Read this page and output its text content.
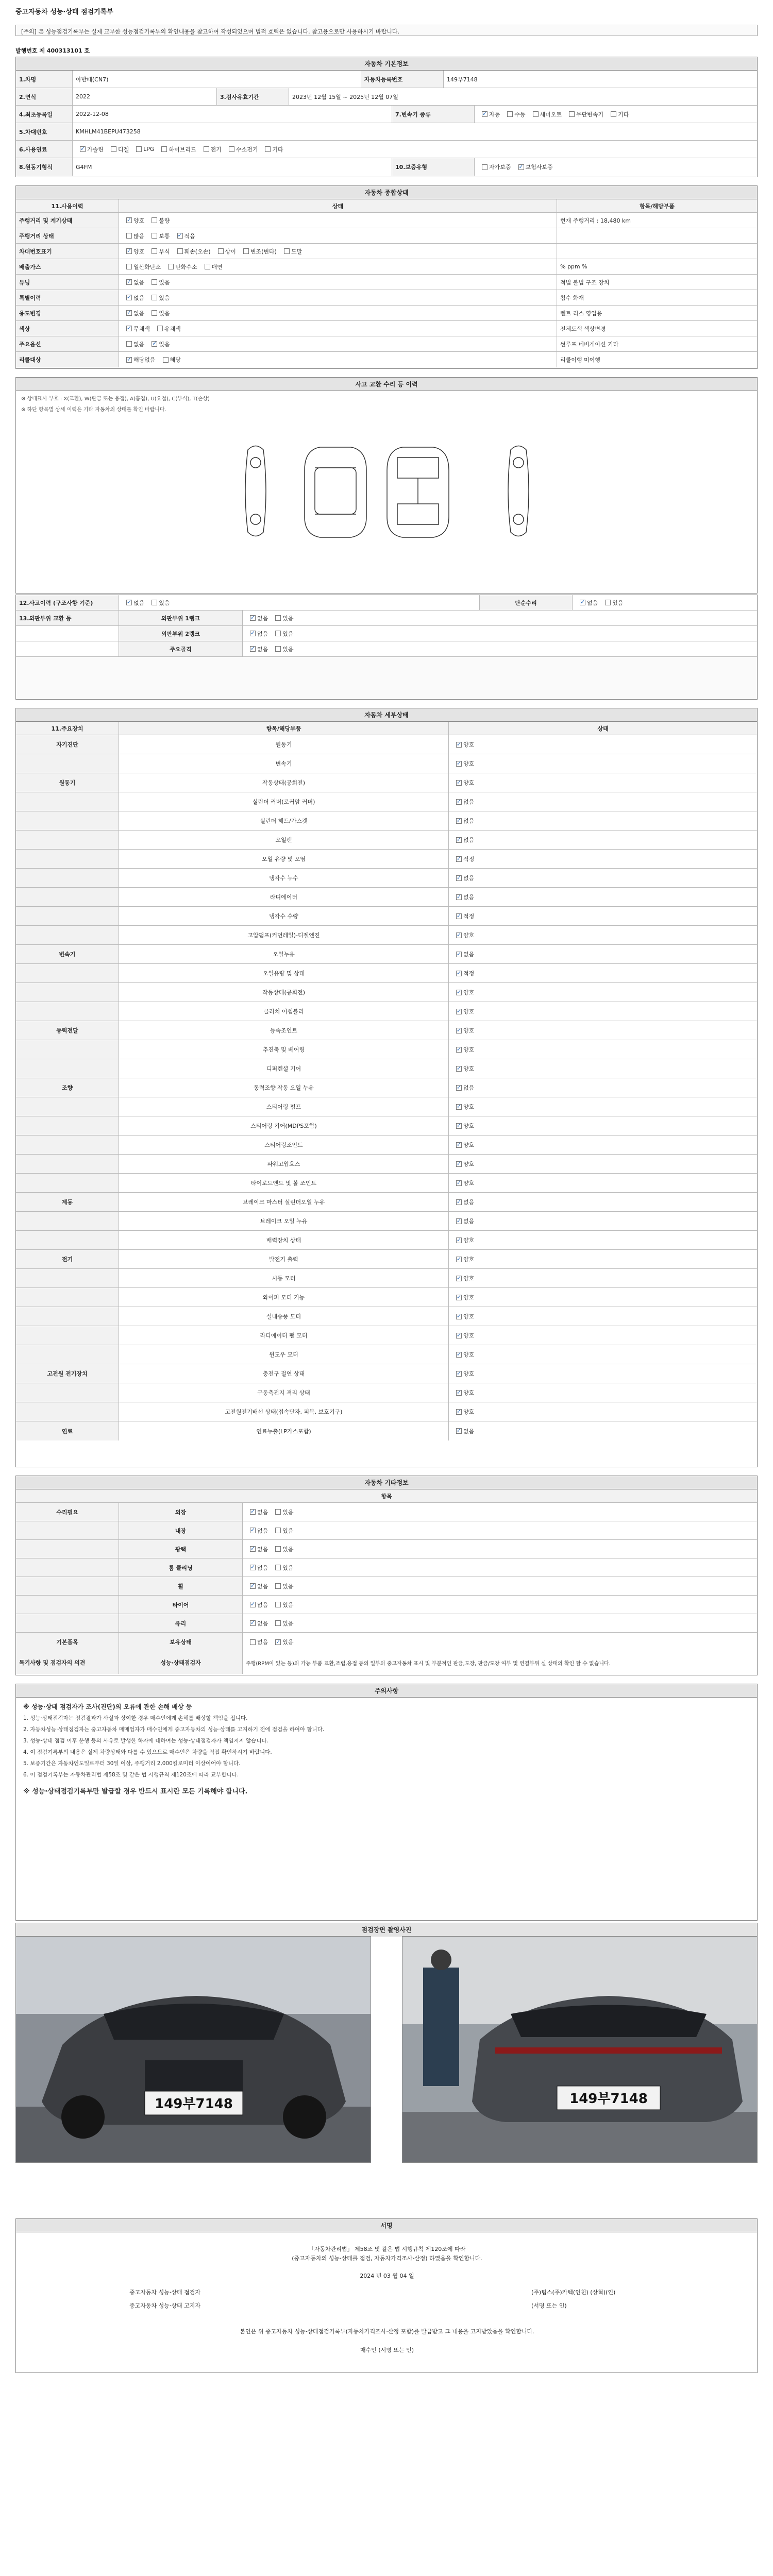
중고자동차 성능·상태 점검기록부
[주의] 본 성능점검기록부는 실제 교부한 성능점검기록부의 확인내용을 참고하여 작성되었으며 법적 효력은 없습니다. 참고용으로만 사용하시기 바랍니다.
발행번호 제 400313101 호
자동차 기본정보
1.차명	아반떼(CN7)	자동차등록번호	149부7148
2.연식	2022	3.검사유효기간	2023년 12월 15일 ~ 2025년 12월 07일
4.최초등록일	2022-12-08	7.변속기 종류 ✓	자동	수동	세미오토	무단변속기	기타
5.차대번호	KMHLM41BEPU473258
6.사용연료 ✓	가솔린	디젤	LPG	하이브리드	전기	수소전기	기타
8.원동기형식	G4FM	10.보증유형	자가보증 ✓	보험사보증
자동차 종합상태
11.사용이력	상태	항목/해당부품
주행거리 및 계기상태 ✓	양호	불량	현재 주행거리 : 18,480 km
주행거리 상태	많음	보통 ✓	적음
차대번호표기 ✓	양호	부식	훼손(오손)	상이	변조(변타)	도말
배출가스	일산화탄소	탄화수소	매연	% ppm %
튜닝 ✓	없음	있음	적법 불법 구조 장치
특별이력 ✓	없음	있음	침수 화재
용도변경 ✓	없음	있음	렌트 리스 영업용
색상 ✓	무채색	유채색	전체도색 색상변경
주요옵션	없음 ✓	있음	썬루프 네비게이션 기타
리콜대상 ✓	해당없음	해당	리콜이행 미이행
사고 교환 수리 등 이력
※ 상태표시 부호 : X(교환), W(판금 또는 용접), A(흠집), U(요철), C(부식), T(손상)
※ 하단 항목별 상세 이력은 기타 자동차의 상태를 확인 바랍니다.
12.사고이력 (구조사항 기준) ✓	없음	있음	단순수리 ✓	없음	있음
13.외판부위 교환 등	외판부위 1랭크 ✓	없음	있음
외판부위 2랭크 ✓	없음	있음
주요골격 ✓	없음	있음
자동차 세부상태
11.주요장치	항목/해당부품	상태
자기진단	원동기 ✓	양호
변속기 ✓	양호
원동기	작동상태(공회전) ✓	양호
실린더 커버(로커암 커버) ✓	없음
실린더 헤드/가스켓 ✓	없음
오일팬 ✓	없음
오일 유량 및 오염 ✓	적정
냉각수 누수 ✓	없음
라디에이터 ✓	없음
냉각수 수량 ✓	적정
고압펌프(커먼레일)-디젤엔진 ✓	양호
변속기	오일누유 ✓	없음
오일유량 및 상태 ✓	적정
작동상태(공회전) ✓	양호
클러치 어셈블리 ✓	양호
동력전달	등속조인트 ✓	양호
추진축 및 베어링 ✓	양호
디퍼렌셜 기어 ✓	양호
조향	동력조향 작동 오일 누유 ✓	없음
스티어링 펌프 ✓	양호
스티어링 기어(MDPS포함) ✓	양호
스티어링조인트 ✓	양호
파워고압호스 ✓	양호
타이로드엔드 및 볼 조인트 ✓	양호
제동	브레이크 마스터 실린더오일 누유 ✓	없음
브레이크 오일 누유 ✓	없음
배력장치 상태 ✓	양호
전기	발전기 출력 ✓	양호
시동 모터 ✓	양호
와이퍼 모터 기능 ✓	양호
실내송풍 모터 ✓	양호
라디에이터 팬 모터 ✓	양호
윈도우 모터 ✓	양호
고전원 전기장치	충전구 절연 상태 ✓	양호
구동축전지 격리 상태 ✓	양호
고전원전기배선 상태(접속단자, 피복, 보호기구) ✓	양호
연료	연료누출(LP가스포함) ✓	없음
자동차 기타정보
항목
수리필요	외장 ✓	없음	있음
내장 ✓	없음	있음
광택 ✓	없음	있음
룸 클리닝 ✓	없음	있음
휠 ✓	없음	있음
타이어 ✓	없음	있음
유리 ✓	없음	있음
기본품목	보유상태	없음 ✓	있음
특기사항 및 점검자의 의견	성능·상태점검자	주행(RPM이 있는 등)의 가능 부품 교환,조립,용접 등의 일부의 중고자동차 표시 및 부분적인 판금,도장, 판금/도장 여부 및 연결부위 실 상태의 확인 할 수 없습니다.
주의사항
※ 성능·상태 점검자가 조사(진단)의 오류에 관한 손해 배상 등
1. 성능·상태점검자는 점검결과가 사실과 상이한 경우 매수인에게 손해를 배상할 책임을 집니다.
2. 자동차성능·상태점검자는 중고자동차 매매업자가 매수인에게 중고자동차의 성능·상태를 고지하기 전에 점검을 하여야 합니다.
3. 성능·상태 점검 이후 운행 등의 사유로 발생한 하자에 대하여는 성능·상태점검자가 책임지지 않습니다.
4. 이 점검기록부의 내용은 실제 차량상태와 다를 수 있으므로 매수인은 차량을 직접 확인하시기 바랍니다.
5. 보증기간은 자동차인도일로부터 30일 이상, 주행거리 2,000킬로미터 이상이어야 합니다.
6. 이 점검기록부는 자동차관리법 제58조 및 같은 법 시행규칙 제120조에 따라 교부합니다.
※ 성능·상태점검기록부만 발급할 경우 반드시 표시란 모든 기록해야 합니다.
점검장면 촬영사진
149부7148	149부7148
서명
「자동차관리법」 제58조 및 같은 법 시행규칙 제120조에 따라
(중고자동차의 성능·상태를 점검, 자동차가격조사·산정) 하였음을 확인합니다.
2024 년 03 월 04 일
중고자동차 성능·상태 점검자	(주)팀스(주)카텍(인천) (상혁)(인)
중고자동차 성능·상태 고지자	(서명 또는 인)
본인은 위 중고자동차 성능·상태점검기록부(자동차가격조사·산정 포함)를 발급받고 그 내용을 고지받았음을 확인합니다.
매수인 (서명 또는 인)
